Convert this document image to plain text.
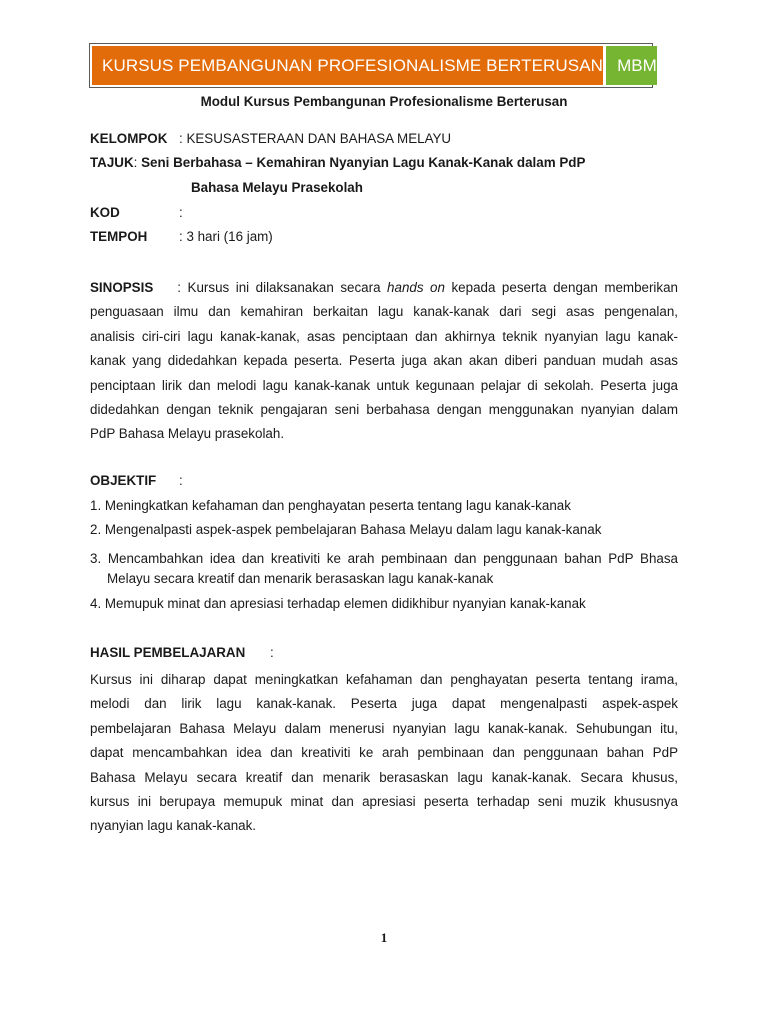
KURSUS PEMBANGUNAN PROFESIONALISME BERTERUSAN MBM
Modul Kursus Pembangunan Profesionalisme Berterusan
KELOMPOK : KESUSASTERAAN DAN BAHASA MELAYU
TAJUK: Seni Berbahasa – Kemahiran Nyanyian Lagu Kanak-Kanak dalam PdP
Bahasa Melayu Prasekolah
KOD	:
TEMPOH : 3 hari (16 jam)
SINOPSIS : Kursus ini dilaksanakan secara hands on kepada peserta dengan memberikan
penguasaan ilmu dan kemahiran berkaitan lagu kanak-kanak dari segi asas pengenalan,
analisis ciri-ciri lagu kanak-kanak, asas penciptaan dan akhirnya teknik nyanyian lagu kanak-
kanak yang didedahkan kepada peserta. Peserta juga akan akan diberi panduan mudah asas
penciptaan lirik dan melodi lagu kanak-kanak untuk kegunaan pelajar di sekolah. Peserta juga
didedahkan dengan teknik pengajaran seni berbahasa dengan menggunakan nyanyian dalam
PdP Bahasa Melayu prasekolah.
OBJEKTIF :
1. Meningkatkan kefahaman dan penghayatan peserta tentang lagu kanak-kanak
2. Mengenalpasti aspek-aspek pembelajaran Bahasa Melayu dalam lagu kanak-kanak
3. Mencambahkan idea dan kreativiti ke arah pembinaan dan penggunaan bahan PdP Bhasa
Melayu secara kreatif dan menarik berasaskan lagu kanak-kanak
4. Memupuk minat dan apresiasi terhadap elemen didikhibur nyanyian kanak-kanak
HASIL PEMBELAJARAN :
Kursus ini diharap dapat meningkatkan kefahaman dan penghayatan peserta tentang irama,
melodi dan lirik lagu kanak-kanak. Peserta juga dapat mengenalpasti aspek-aspek
pembelajaran Bahasa Melayu dalam menerusi nyanyian lagu kanak-kanak. Sehubungan itu,
dapat mencambahkan idea dan kreativiti ke arah pembinaan dan penggunaan bahan PdP
Bahasa Melayu secara kreatif dan menarik berasaskan lagu kanak-kanak. Secara khusus,
kursus ini berupaya memupuk minat dan apresiasi peserta terhadap seni muzik khususnya
nyanyian lagu kanak-kanak.
1
